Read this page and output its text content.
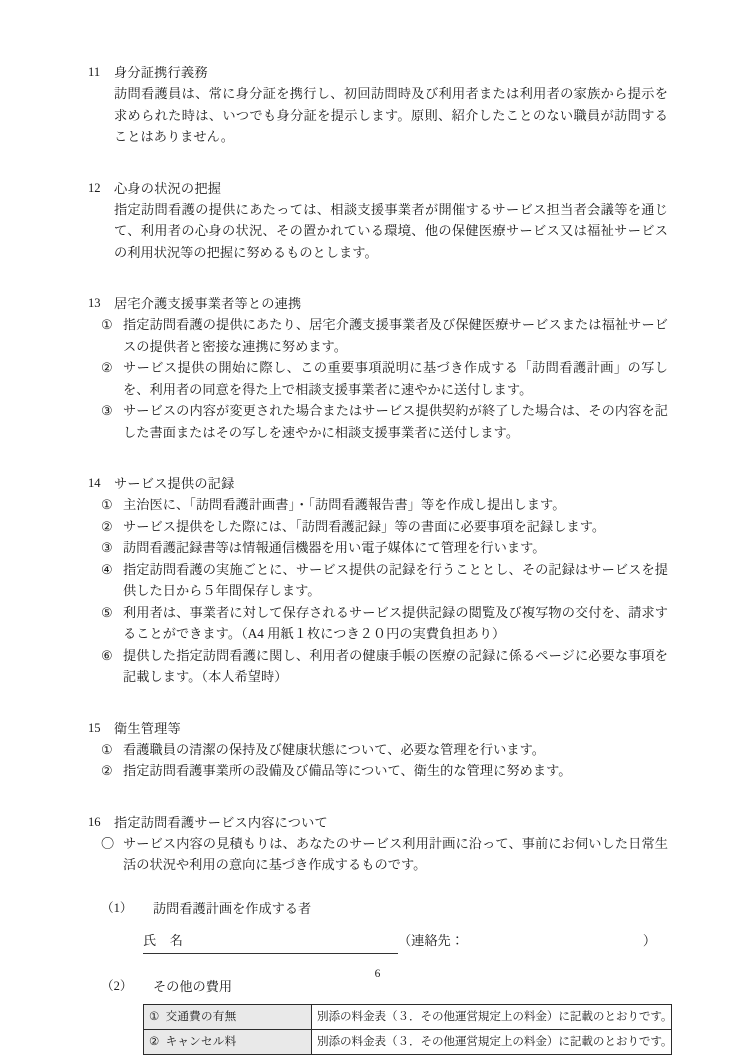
11	身分証携行義務
訪問看護員は、常に身分証を携行し、初回訪問時及び利用者または利用者の家族から提示を求められた時は、いつでも身分証を提示します。原則、紹介したことのない職員が訪問することはありません。
12	心身の状況の把握
指定訪問看護の提供にあたっては、相談支援事業者が開催するサービス担当者会議等を通じて、利用者の心身の状況、その置かれている環境、他の保健医療サービス又は福祉サービスの利用状況等の把握に努めるものとします。
13	居宅介護支援事業者等との連携
① 指定訪問看護の提供にあたり、居宅介護支援事業者及び保健医療サービスまたは福祉サービスの提供者と密接な連携に努めます。
② サービス提供の開始に際し、この重要事項説明に基づき作成する「訪問看護計画」の写しを、利用者の同意を得た上で相談支援事業者に速やかに送付します。
③ サービスの内容が変更された場合またはサービス提供契約が終了した場合は、その内容を記した書面またはその写しを速やかに相談支援事業者に送付します。
14	サービス提供の記録
① 主治医に、「訪問看護計画書」・「訪問看護報告書」等を作成し提出します。
② サービス提供をした際には、「訪問看護記録」等の書面に必要事項を記録します。
③ 訪問看護記録書等は情報通信機器を用い電子媒体にて管理を行います。
④ 指定訪問看護の実施ごとに、サービス提供の記録を行うこととし、その記録はサービスを提供した日から５年間保存します。
⑤ 利用者は、事業者に対して保存されるサービス提供記録の閲覧及び複写物の交付を、請求することができます。（A4 用紙１枚につき２０円の実費負担あり）
⑥ 提供した指定訪問看護に関し、利用者の健康手帳の医療の記録に係るページに必要な事項を記載します。（本人希望時）
15	衛生管理等
① 看護職員の清潔の保持及び健康状態について、必要な管理を行います。
② 指定訪問看護事業所の設備及び備品等について、衛生的な管理に努めます。
16	指定訪問看護サービス内容について
〇 サービス内容の見積もりは、あなたのサービス利用計画に沿って、事前にお伺いした日常生活の状況や利用の意向に基づき作成するものです。
（1）	訪問看護計画を作成する者
氏　名	（連絡先：	）
（2）	その他の費用
① 交通費の有無	別添の料金表（３．その他運営規定上の料金）に記載のとおりです。
② キャンセル料	別添の料金表（３．その他運営規定上の料金）に記載のとおりです。
6
